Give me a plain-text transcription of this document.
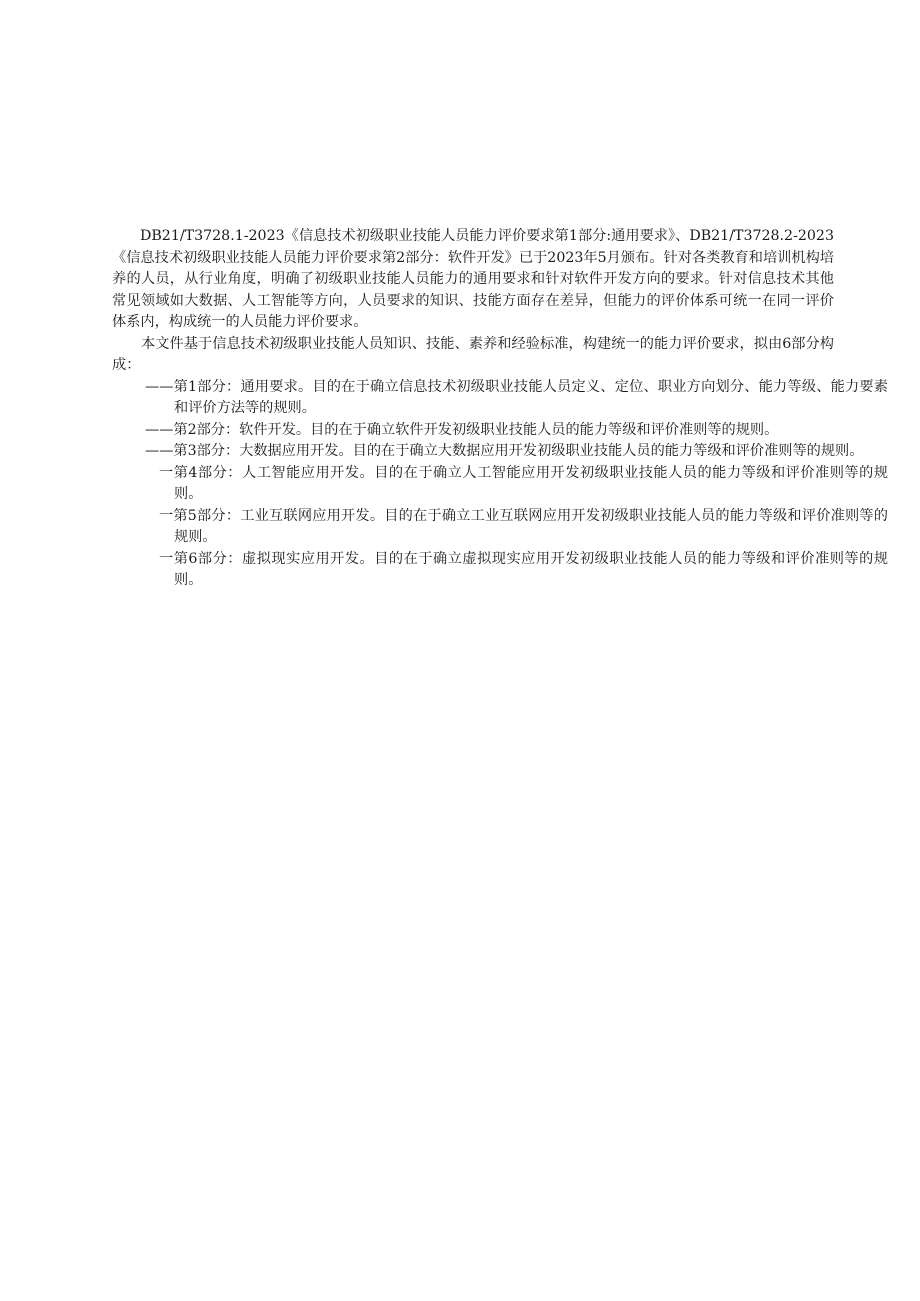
DB21/T3728.1-2023《信息技术初级职业技能人员能力评价要求第1部分:通用要求》、DB21/T3728.2-2023《信息技术初级职业技能人员能力评价要求第2部分：软件开发》已于2023年5月颁布。针对各类教育和培训机构培养的人员，从行业角度，明确了初级职业技能人员能力的通用要求和针对软件开发方向的要求。针对信息技术其他常见领域如大数据、人工智能等方向，人员要求的知识、技能方面存在差异，但能力的评价体系可统一在同一评价体系内，构成统一的人员能力评价要求。

本文件基于信息技术初级职业技能人员知识、技能、素养和经验标准，构建统一的能力评价要求，拟由6部分构成：

——第1部分：通用要求。目的在于确立信息技术初级职业技能人员定义、定位、职业方向划分、能力等级、能力要素和评价方法等的规则。

——第2部分：软件开发。目的在于确立软件开发初级职业技能人员的能力等级和评价准则等的规则。

——第3部分：大数据应用开发。目的在于确立大数据应用开发初级职业技能人员的能力等级和评价准则等的规则。

一第4部分：人工智能应用开发。目的在于确立人工智能应用开发初级职业技能人员的能力等级和评价准则等的规则。

一第5部分：工业互联网应用开发。目的在于确立工业互联网应用开发初级职业技能人员的能力等级和评价准则等的规则。

一第6部分：虚拟现实应用开发。目的在于确立虚拟现实应用开发初级职业技能人员的能力等级和评价准则等的规则。
